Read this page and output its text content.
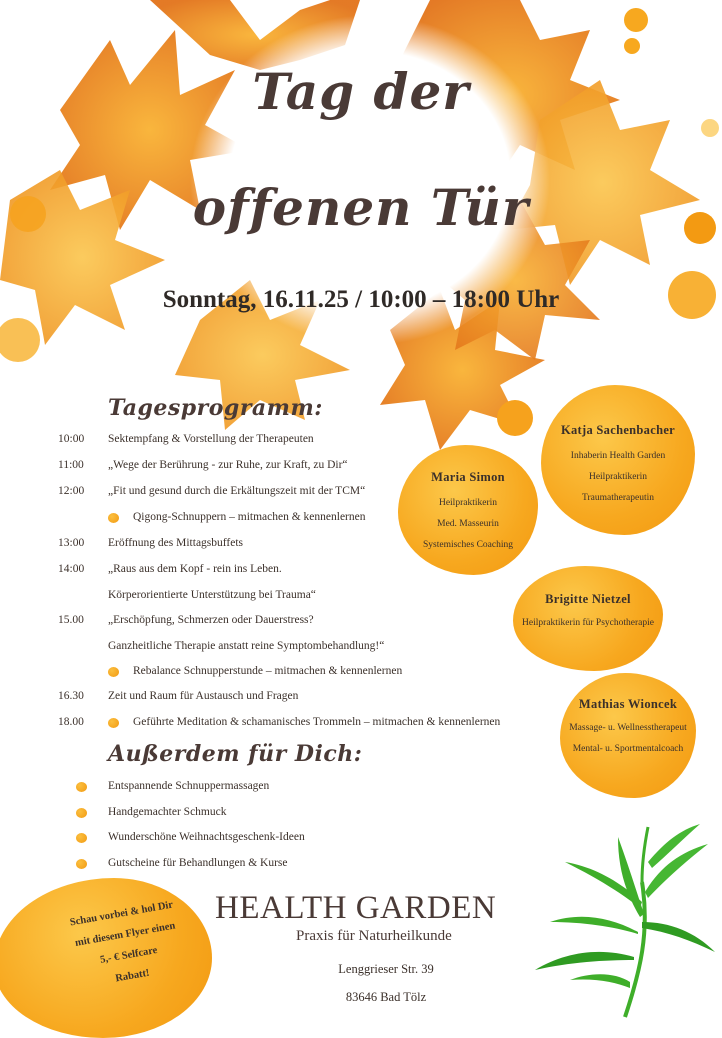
Tag der
offenen Tür
Sonntag, 16.11.25 / 10:00 – 18:00 Uhr
Tagesprogramm:
10:00 Sektempfang & Vorstellung der Therapeuten
11:00 „Wege der Berührung - zur Ruhe, zur Kraft, zu Dir“
12:00 „Fit und gesund durch die Erkältungszeit mit der TCM“
Qigong-Schnuppern – mitmachen & kennenlernen
13:00 Eröffnung des Mittagsbuffets
14:00 „Raus aus dem Kopf - rein ins Leben.
Körperorientierte Unterstützung bei Trauma“
15.00 „Erschöpfung, Schmerzen oder Dauerstress?
Ganzheitliche Therapie anstatt reine Symptombehandlung!“
Rebalance Schnupperstunde – mitmachen & kennenlernen
16.30 Zeit und Raum für Austausch und Fragen
18.00	Geführte Meditation & schamanisches Trommeln – mitmachen & kennenlernen
Außerdem für Dich:
Entspannende Schnuppermassagen
Handgemachter Schmuck
Wunderschöne Weihnachtsgeschenk-Ideen
Gutscheine für Behandlungen & Kurse
Katja Sachenbacher
Inhaberin Health Garden
Heilpraktikerin
Traumatherapeutin
Maria Simon
Heilpraktikerin
Med. Masseurin
Systemisches Coaching
Brigitte Nietzel
Heilpraktikerin für Psychotherapie
Mathias Wioncek
Massage- u. Wellnesstherapeut
Mental- u. Sportmentalcoach
Schau vorbei & hol Dir
mit diesem Flyer einen
5,- € Selfcare
Rabatt!
HEALTH GARDEN
Praxis für Naturheilkunde
Lenggrieser Str. 39
83646 Bad Tölz
